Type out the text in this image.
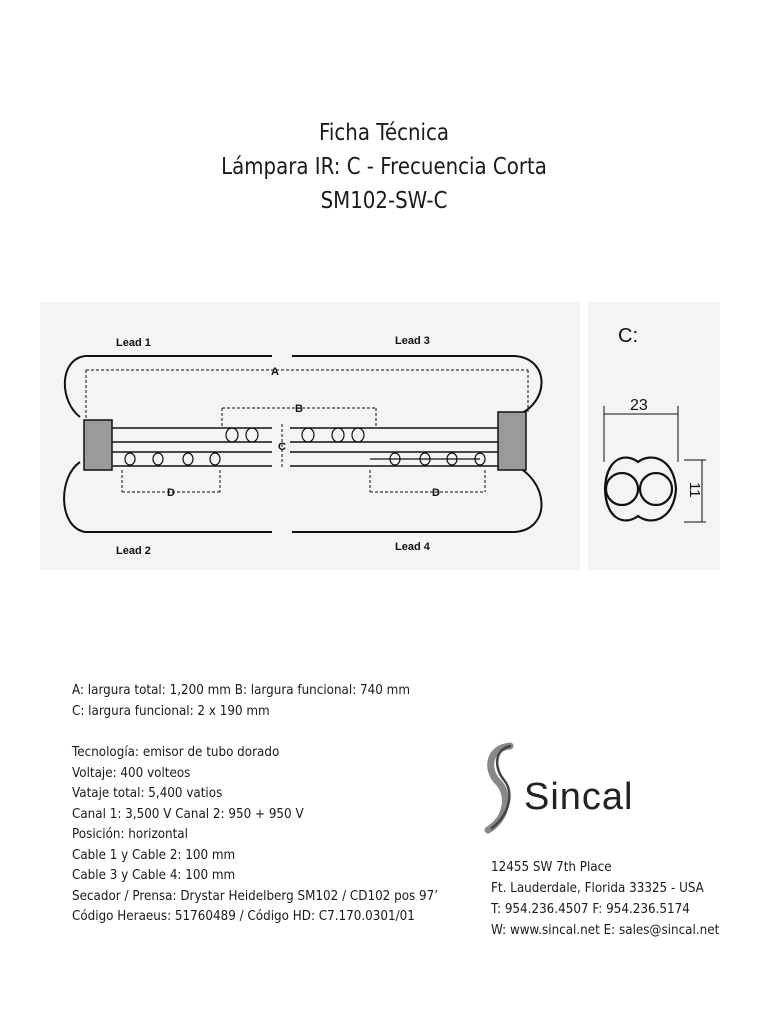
Ficha Técnica
Lámpara IR: C - Frecuencia Corta
SM102-SW-C
Lead 1	Lead 3
Lead 2	Lead 4
A
B
C
D	D
C:
23
11
A: largura total: 1,200 mm B: largura funcional: 740 mm
C: largura funcional: 2 x 190 mm
Tecnología: emisor de tubo dorado
Voltaje: 400 volteos
Vataje total: 5,400 vatios
Canal 1: 3,500 V Canal 2: 950 + 950 V
Posición: horizontal
Cable 1 y Cable 2: 100 mm
Cable 3 y Cable 4: 100 mm
Secador / Prensa: Drystar Heidelberg SM102 / CD102 pos 97’
Código Heraeus: 51760489 / Código HD: C7.170.0301/01
Sincal
12455 SW 7th Place
Ft. Lauderdale, Florida 33325 - USA
T: 954.236.4507 F: 954.236.5174
W: www.sincal.net E: sales@sincal.net
